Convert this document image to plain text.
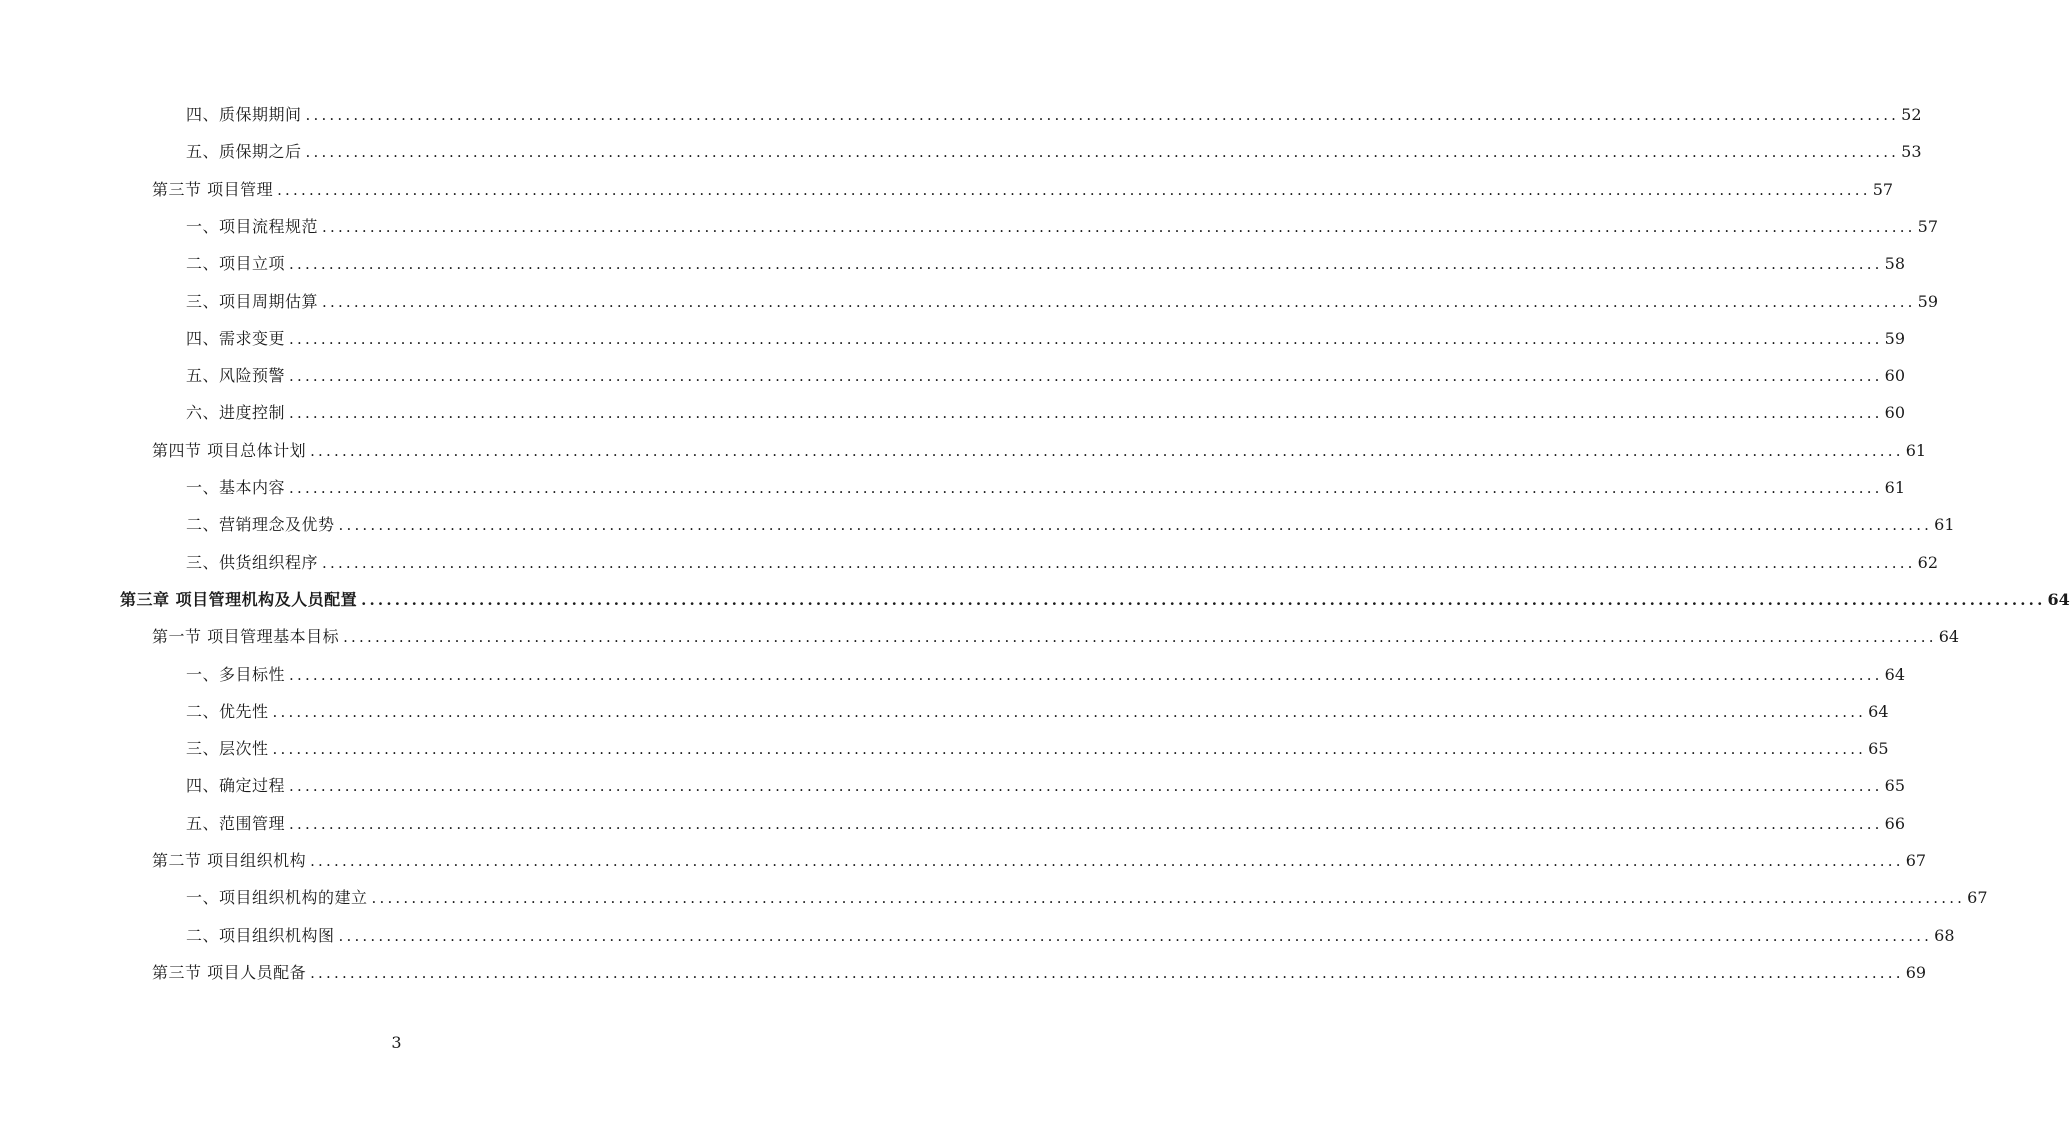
四、质保期期间 ........................................................................................................................................................................................................ 52
五、质保期之后 ........................................................................................................................................................................................................ 53
第三节 项目管理 ........................................................................................................................................................................................................ 57
一、项目流程规范 ........................................................................................................................................................................................................ 57
二、项目立项 ........................................................................................................................................................................................................ 58
三、项目周期估算 ........................................................................................................................................................................................................ 59
四、需求变更 ........................................................................................................................................................................................................ 59
五、风险预警 ........................................................................................................................................................................................................ 60
六、进度控制 ........................................................................................................................................................................................................ 60
第四节 项目总体计划 ........................................................................................................................................................................................................ 61
一、基本内容 ........................................................................................................................................................................................................ 61
二、营销理念及优势 ........................................................................................................................................................................................................ 61
三、供货组织程序 ........................................................................................................................................................................................................ 62
第三章 项目管理机构及人员配置 ........................................................................................................................................................................................................ 64
第一节 项目管理基本目标 ........................................................................................................................................................................................................ 64
一、多目标性 ........................................................................................................................................................................................................ 64
二、优先性 ........................................................................................................................................................................................................ 64
三、层次性 ........................................................................................................................................................................................................ 65
四、确定过程 ........................................................................................................................................................................................................ 65
五、范围管理 ........................................................................................................................................................................................................ 66
第二节 项目组织机构 ........................................................................................................................................................................................................ 67
一、项目组织机构的建立 ........................................................................................................................................................................................................ 67
二、项目组织机构图 ........................................................................................................................................................................................................ 68
第三节 项目人员配备 ........................................................................................................................................................................................................ 69
3
